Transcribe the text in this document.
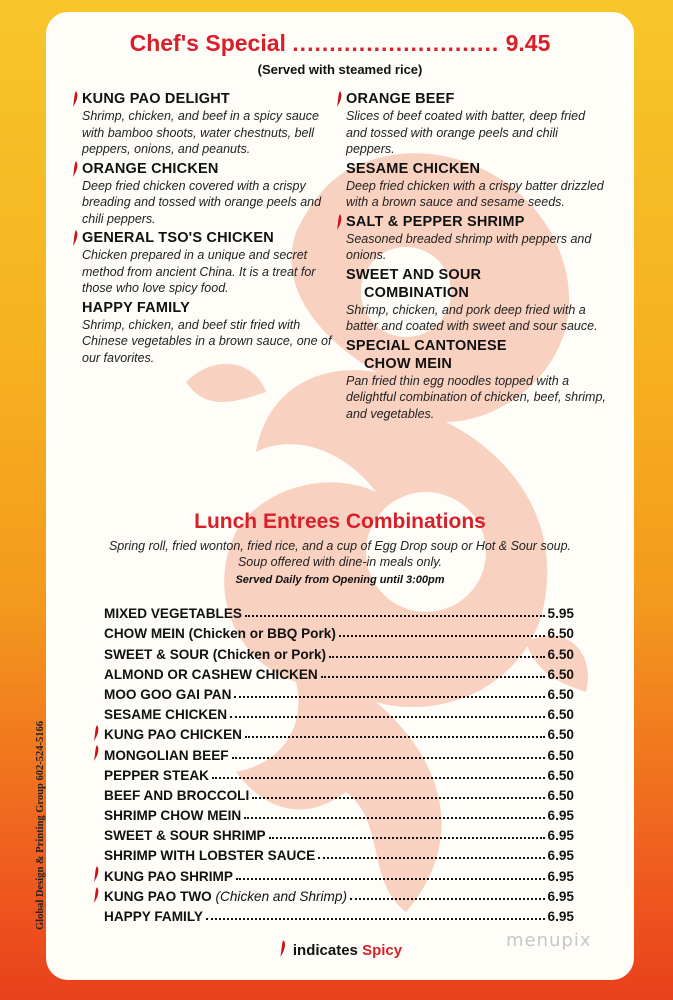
Chef's Special ............................ 9.45
(Served with steamed rice)
KUNG PAO DELIGHT
Shrimp, chicken, and beef in a spicy sauce with bamboo shoots, water chestnuts, bell peppers, onions, and peanuts.
ORANGE CHICKEN
Deep fried chicken covered with a crispy breading and tossed with orange peels and chili peppers.
GENERAL TSO'S CHICKEN
Chicken prepared in a unique and secret method from ancient China. It is a treat for those who love spicy food.
HAPPY FAMILY
Shrimp, chicken, and beef stir fried with Chinese vegetables in a brown sauce, one of our favorites.
ORANGE BEEF
Slices of beef coated with batter, deep fried and tossed with orange peels and chili peppers.
SESAME CHICKEN
Deep fried chicken with a crispy batter drizzled with a brown sauce and sesame seeds.
SALT & PEPPER SHRIMP
Seasoned breaded shrimp with peppers and onions.
SWEET AND SOUR
COMBINATION
Shrimp, chicken, and pork deep fried with a batter and coated with sweet and sour sauce.
SPECIAL CANTONESE
CHOW MEIN
Pan fried thin egg noodles topped with a delightful combination of chicken, beef, shrimp, and vegetables.
Lunch Entrees Combinations
Spring roll, fried wonton, fried rice, and a cup of Egg Drop soup or Hot & Sour soup.
Soup offered with dine-in meals only.
Served Daily from Opening until 3:00pm
MIXED VEGETABLES	5.95
CHOW MEIN (Chicken or BBQ Pork)	6.50
SWEET & SOUR (Chicken or Pork)	6.50
ALMOND OR CASHEW CHICKEN	6.50
MOO GOO GAI PAN	6.50
SESAME CHICKEN	6.50
KUNG PAO CHICKEN	6.50
MONGOLIAN BEEF	6.50
PEPPER STEAK	6.50
BEEF AND BROCCOLI	6.50
SHRIMP CHOW MEIN	6.95
SWEET & SOUR SHRIMP	6.95
SHRIMP WITH LOBSTER SAUCE	6.95
KUNG PAO SHRIMP	6.95
KUNG PAO TWO (Chicken and Shrimp)	6.95
HAPPY FAMILY	6.95
indicates Spicy	menupix
Global Design & Printing Group 602-524-5166
